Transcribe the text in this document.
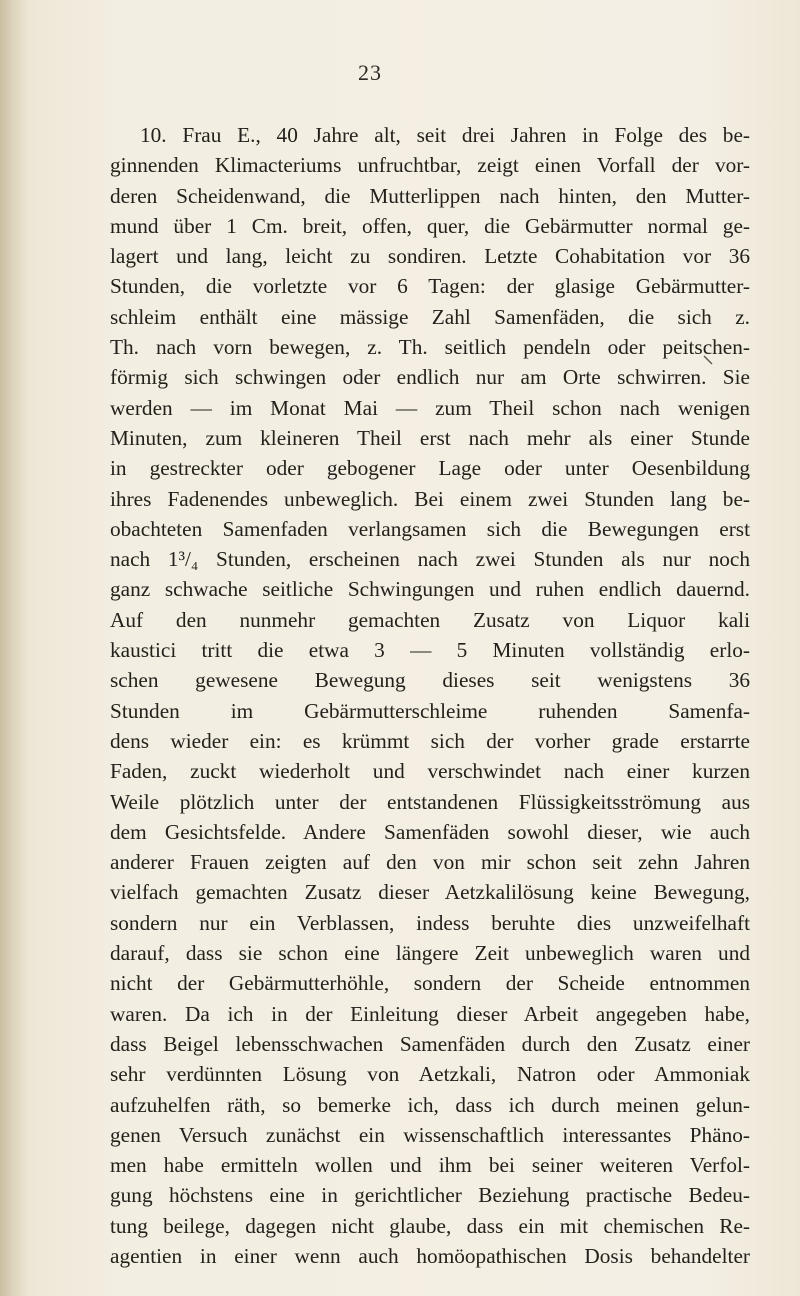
23
10. Frau E., 40 Jahre alt, seit drei Jahren in Folge des be-
ginnenden Klimacteriums unfruchtbar, zeigt einen Vorfall der vor-
deren Scheidenwand, die Mutterlippen nach hinten, den Mutter-
mund über 1 Cm. breit, offen, quer, die Gebärmutter normal ge-
lagert und lang, leicht zu sondiren. Letzte Cohabitation vor 36
Stunden, die vorletzte vor 6 Tagen: der glasige Gebärmutter-
schleim enthält eine mässige Zahl Samenfäden, die sich z.
Th. nach vorn bewegen, z. Th. seitlich pendeln oder peitschen-
förmig sich schwingen oder endlich nur am Orte schwirren. Sie
werden — im Monat Mai — zum Theil schon nach wenigen
Minuten, zum kleineren Theil erst nach mehr als einer Stunde
in gestreckter oder gebogener Lage oder unter Oesenbildung
ihres Fadenendes unbeweglich. Bei einem zwei Stunden lang be-
obachteten Samenfaden verlangsamen sich die Bewegungen erst
nach 1³/₄ Stunden, erscheinen nach zwei Stunden als nur noch
ganz schwache seitliche Schwingungen und ruhen endlich dauernd.
Auf den nunmehr gemachten Zusatz von Liquor kali
kaustici tritt die etwa 3 — 5 Minuten vollständig erlo-
schen gewesene Bewegung dieses seit wenigstens 36
Stunden im Gebärmutterschleime ruhenden Samenfa-
dens wieder ein: es krümmt sich der vorher grade erstarrte
Faden, zuckt wiederholt und verschwindet nach einer kurzen
Weile plötzlich unter der entstandenen Flüssigkeitsströmung aus
dem Gesichtsfelde. Andere Samenfäden sowohl dieser, wie auch
anderer Frauen zeigten auf den von mir schon seit zehn Jahren
vielfach gemachten Zusatz dieser Aetzkalilösung keine Bewegung,
sondern nur ein Verblassen, indess beruhte dies unzweifelhaft
darauf, dass sie schon eine längere Zeit unbeweglich waren und
nicht der Gebärmutterhöhle, sondern der Scheide entnommen
waren. Da ich in der Einleitung dieser Arbeit angegeben habe,
dass Beigel lebensschwachen Samenfäden durch den Zusatz einer
sehr verdünnten Lösung von Aetzkali, Natron oder Ammoniak
aufzuhelfen räth, so bemerke ich, dass ich durch meinen gelun-
genen Versuch zunächst ein wissenschaftlich interessantes Phäno-
men habe ermitteln wollen und ihm bei seiner weiteren Verfol-
gung höchstens eine in gerichtlicher Beziehung practische Bedeu-
tung beilege, dagegen nicht glaube, dass ein mit chemischen Re-
agentien in einer wenn auch homöopathischen Dosis behandelter
